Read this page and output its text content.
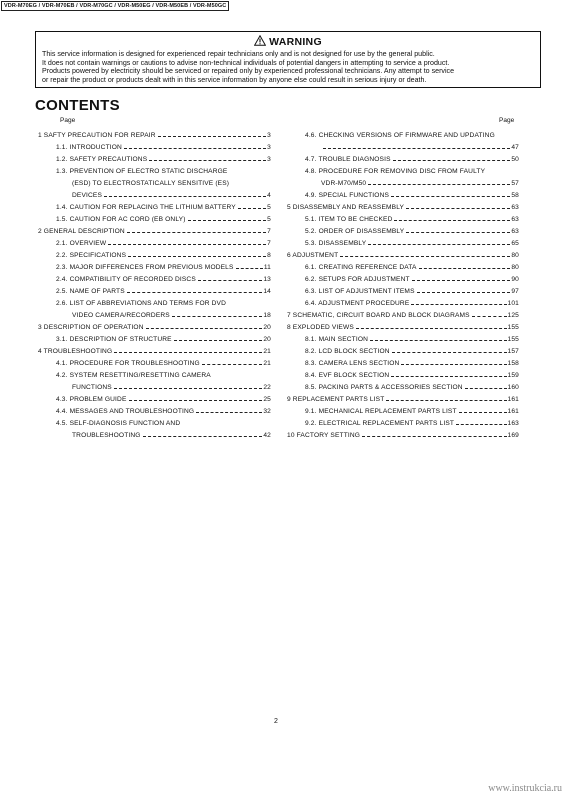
VDR-M70EG / VDR-M70EB / VDR-M70GC / VDR-M50EG / VDR-M50EB / VDR-M50GC
WARNING
This service information is designed for experienced repair technicians only and is not designed for use by the general public.
It does not contain warnings or cautions to advise non-technical individuals of potential dangers in attempting to service a product.
Products powered by electricity should be serviced or repaired only by experienced professional technicians. Any attempt to service
or repair the product or products dealt with in this service information by anyone else could result in serious injury or death.
CONTENTS
Page	Page
1 SAFTY PRECAUTION FOR REPAIR	3
1.1. INTRODUCTION	3
1.2. SAFETY PRECAUTIONS	3
1.3. PREVENTION OF ELECTRO STATIC DISCHARGE
(ESD) TO ELECTROSTATICALLY SENSITIVE (ES)
DEVICES	4
1.4. CAUTION FOR REPLACING THE LITHIUM BATTERY	5
1.5. CAUTION FOR AC CORD (EB ONLY)	5
2 GENERAL DESCRIPTION	7
2.1. OVERVIEW	7
2.2. SPECIFICATIONS	8
2.3. MAJOR DIFFERENCES FROM PREVIOUS MODELS	11
2.4. COMPATIBILITY OF RECORDED DISCS	13
2.5. NAME OF PARTS	14
2.6. LIST OF ABBREVIATIONS AND TERMS FOR DVD
VIDEO CAMERA/RECORDERS	18
3 DESCRIPTION OF OPERATION	20
3.1. DESCRIPTION OF STRUCTURE	20
4 TROUBLESHOOTING	21
4.1. PROCEDURE FOR TROUBLESHOOTING	21
4.2. SYSTEM RESETTING/RESETTING CAMERA
FUNCTIONS	22
4.3. PROBLEM GUIDE	25
4.4. MESSAGES AND TROUBLESHOOTING	32
4.5. SELF-DIAGNOSIS FUNCTION AND
TROUBLESHOOTING	42
4.6. CHECKING VERSIONS OF FIRMWARE AND UPDATING
47
4.7. TROUBLE DIAGNOSIS	50
4.8. PROCEDURE FOR REMOVING DISC FROM FAULTY
VDR-M70/M50	57
4.9. SPECIAL FUNCTIONS	58
5 DISASSEMBLY AND REASSEMBLY	63
5.1. ITEM TO BE CHECKED	63
5.2. ORDER OF DISASSEMBLY	63
5.3. DISASSEMBLY	65
6 ADJUSTMENT	80
6.1. CREATING REFERENCE DATA	80
6.2. SETUPS FOR ADJUSTMENT	90
6.3. LIST OF ADJUSTMENT ITEMS	97
6.4. ADJUSTMENT PROCEDURE	101
7 SCHEMATIC, CIRCUIT BOARD AND BLOCK DIAGRAMS	125
8 EXPLODED VIEWS	155
8.1. MAIN SECTION	155
8.2. LCD BLOCK SECTION	157
8.3. CAMERA LENS SECTION	158
8.4. EVF BLOCK SECTION	159
8.5. PACKING PARTS & ACCESSORIES SECTION	160
9 REPLACEMENT PARTS LIST	161
9.1. MECHANICAL REPLACEMENT PARTS LIST	161
9.2. ELECTRICAL REPLACEMENT PARTS LIST	163
10 FACTORY SETTING	169
2
www.instrukcia.ru
